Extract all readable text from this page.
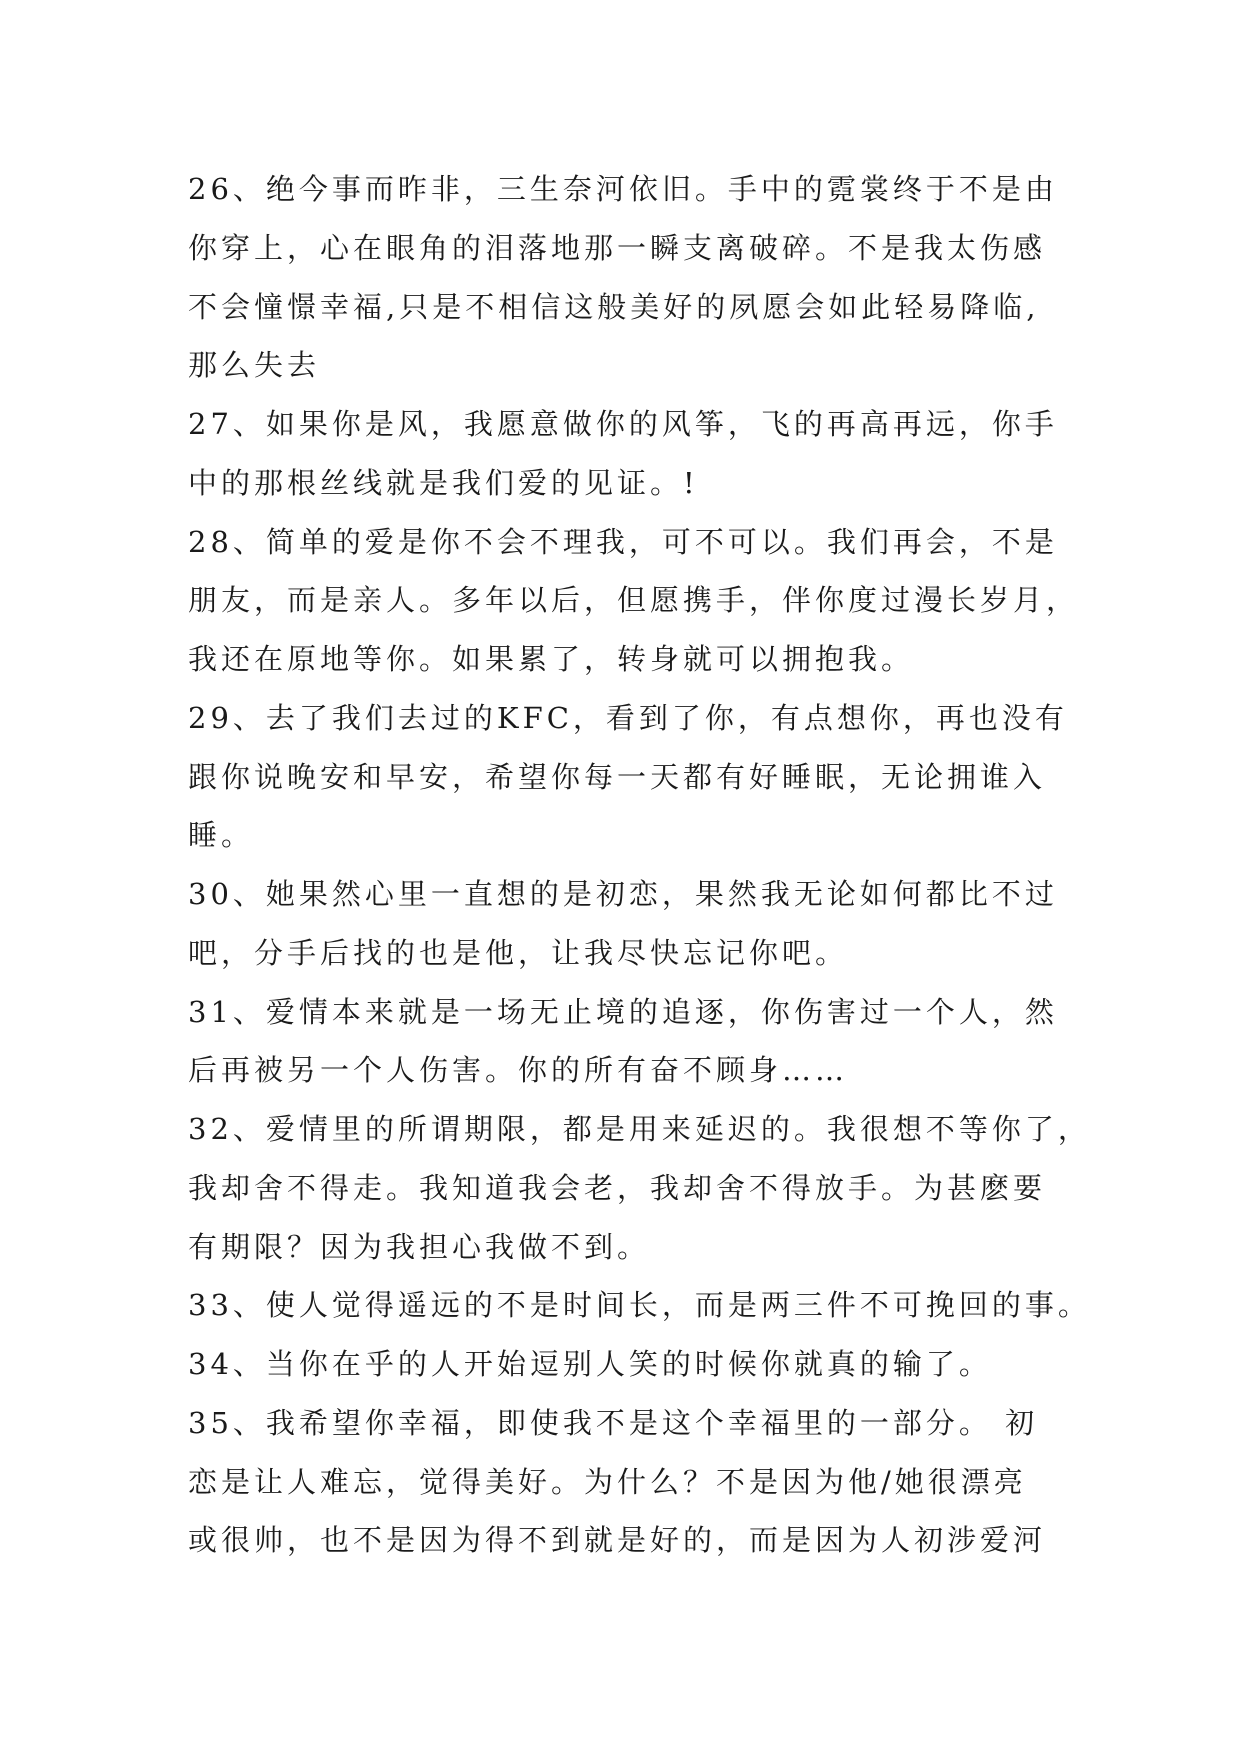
26、绝今事而昨非，三生奈河依旧。手中的霓裳终于不是由
你穿上，心在眼角的泪落地那一瞬支离破碎。不是我太伤感
不会憧憬幸福,只是不相信这般美好的夙愿会如此轻易降临,
那么失去
27、如果你是风，我愿意做你的风筝，飞的再高再远，你手
中的那根丝线就是我们爱的见证。!
28、简单的爱是你不会不理我，可不可以。我们再会，不是
朋友，而是亲人。多年以后，但愿携手，伴你度过漫长岁月，
我还在原地等你。如果累了，转身就可以拥抱我。
29、去了我们去过的KFC，看到了你，有点想你，再也没有
跟你说晚安和早安，希望你每一天都有好睡眠，无论拥谁入
睡。
30、她果然心里一直想的是初恋，果然我无论如何都比不过
吧，分手后找的也是他，让我尽快忘记你吧。
31、爱情本来就是一场无止境的追逐，你伤害过一个人，然
后再被另一个人伤害。你的所有奋不顾身……
32、爱情里的所谓期限，都是用来延迟的。我很想不等你了，
我却舍不得走。我知道我会老，我却舍不得放手。为甚麽要
有期限？因为我担心我做不到。
33、使人觉得遥远的不是时间长，而是两三件不可挽回的事。
34、当你在乎的人开始逗别人笑的时候你就真的输了。
35、我希望你幸福，即使我不是这个幸福里的一部分。 初
恋是让人难忘，觉得美好。为什么？不是因为他/她很漂亮
或很帅，也不是因为得不到就是好的，而是因为人初涉爱河
